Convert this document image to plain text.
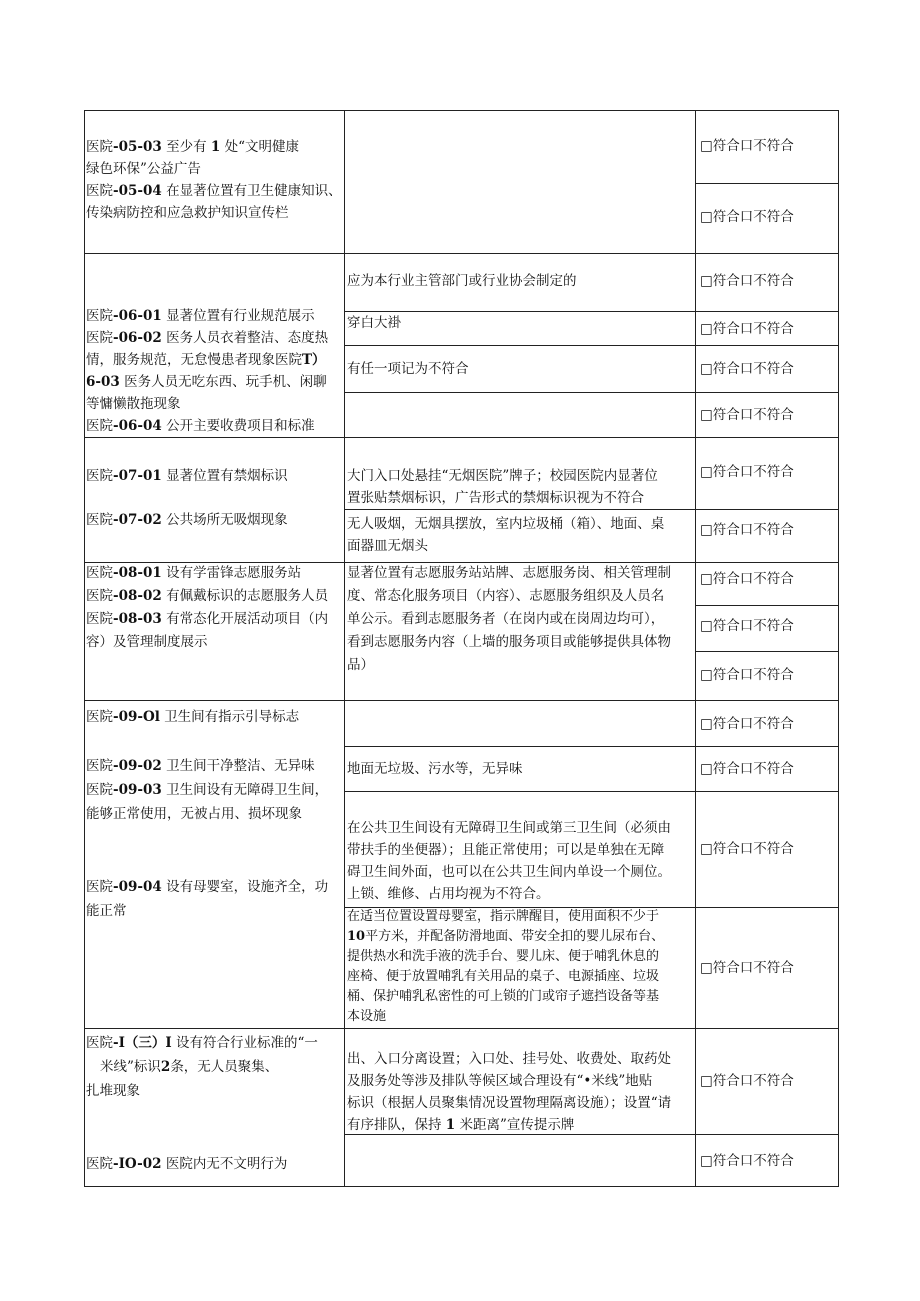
医院-05-03 至少有 1 处“文明健康
绿色环保”公益广告
医院-05-04 在显著位置有卫生健康知识、
传染病防控和应急救护知识宣传栏
□符合口不符合
□符合口不符合
医院-06-01 显著位置有行业规范展示
医院-06-02 医务人员衣着整洁、态度热
情，服务规范，无怠慢患者现象医院T）
6-03 医务人员无吃东西、玩手机、闲聊
等慵懒散拖现象
医院-06-04 公开主要收费项目和标准
应为本行业主管部门或行业协会制定的
穿白大褂
有任一项记为不符合
□符合口不符合
□符合口不符合
□符合口不符合
□符合口不符合
医院-07-01 显著位置有禁烟标识
医院-07-02 公共场所无吸烟现象
大门入口处悬挂“无烟医院”牌子；校园医院内显著位
置张贴禁烟标识，广告形式的禁烟标识视为不符合
无人吸烟，无烟具摆放，室内垃圾桶（箱）、地面、桌
面器皿无烟头
□符合口不符合
□符合口不符合
医院-08-01 设有学雷锋志愿服务站
医院-08-02 有佩戴标识的志愿服务人员
医院-08-03 有常态化开展活动项目（内
容）及管理制度展示
显著位置有志愿服务站站牌、志愿服务岗、相关管理制
度、常态化服务项目（内容）、志愿服务组织及人员名
单公示。看到志愿服务者（在岗内或在岗周边均可），
看到志愿服务内容（上墙的服务项目或能够提供具体物
品）
□符合口不符合
□符合口不符合
□符合口不符合
医院-09-Ol 卫生间有指示引导标志
医院-09-02 卫生间干净整洁、无异味
医院-09-03 卫生间设有无障碍卫生间，
能够正常使用，无被占用、损坏现象
医院-09-04 设有母婴室，设施齐全，功
能正常
地面无垃圾、污水等，无异味
在公共卫生间设有无障碍卫生间或第三卫生间（必须由
带扶手的坐便器）；且能正常使用；可以是单独在无障
碍卫生间外面，也可以在公共卫生间内单设一个厕位。
上锁、维修、占用均视为不符合。
在适当位置设置母婴室，指示牌醒目，使用面积不少于
10平方米，并配备防滑地面、带安全扣的婴儿尿布台、
提供热水和洗手液的洗手台、婴儿床、便于哺乳休息的
座椅、便于放置哺乳有关用品的桌子、电源插座、垃圾
桶、保护哺乳私密性的可上锁的门或帘子遮挡设备等基
本设施
□符合口不符合
□符合口不符合
□符合口不符合
□符合口不符合
医院-I（三）I 设有符合行业标准的“一
米线”标识2条，无人员聚集、
扎堆现象
医院-IO-02 医院内无不文明行为
出、入口分离设置；入口处、挂号处、收费处、取药处
及服务处等涉及排队等候区域合理设有“•米线”地贴
标识（根据人员聚集情况设置物理隔离设施）；设置“请
有序排队，保持 1 米距离”宣传提示牌
□符合口不符合
□符合口不符合
